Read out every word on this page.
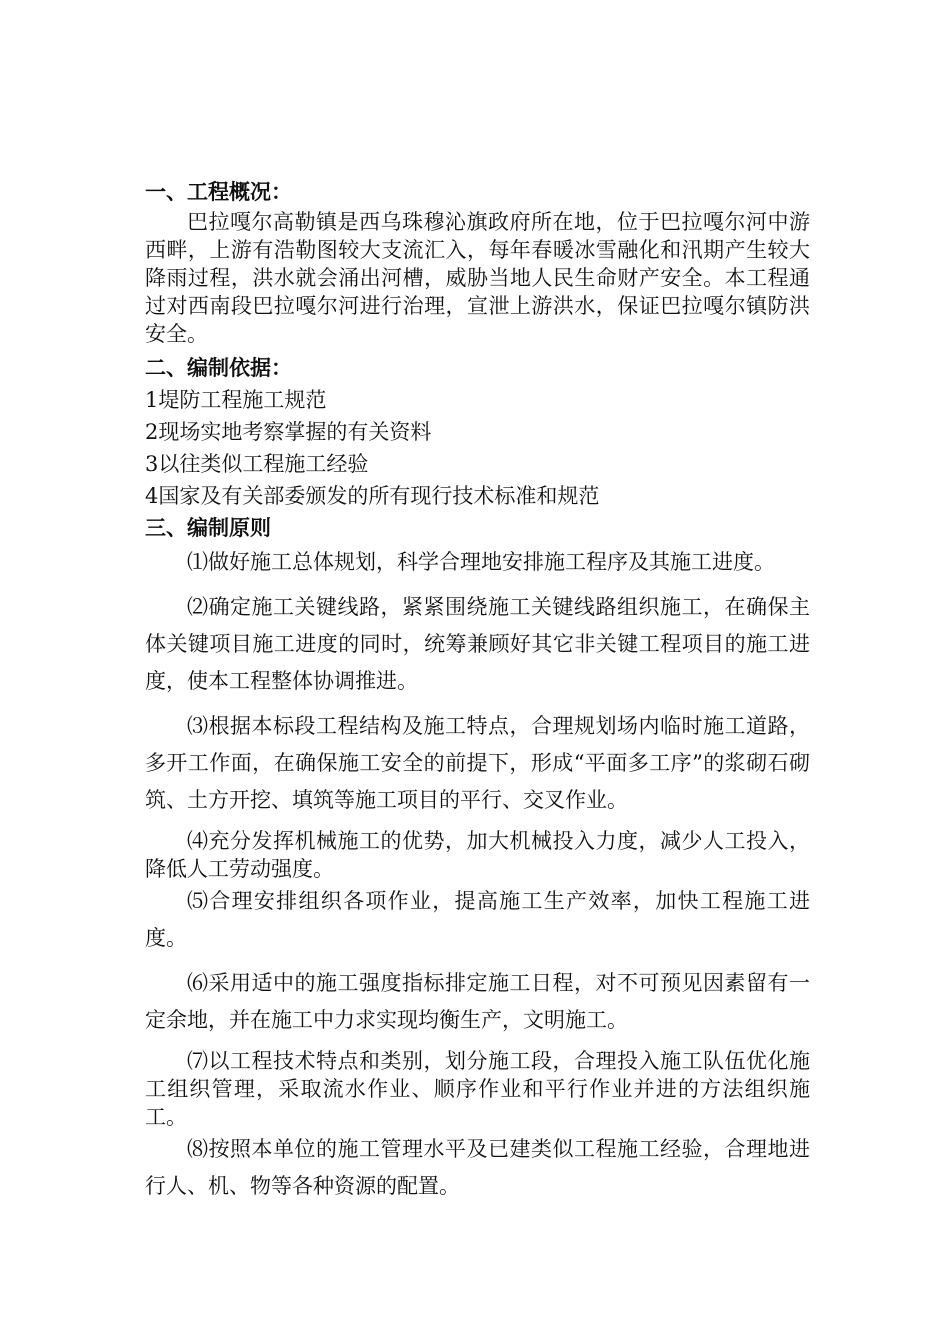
一、工程概况：
巴拉嘎尔高勒镇是西乌珠穆沁旗政府所在地，位于巴拉嘎尔河中游西畔，上游有浩勒图较大支流汇入，每年春暖冰雪融化和汛期产生较大降雨过程，洪水就会涌出河槽，威胁当地人民生命财产安全。本工程通过对西南段巴拉嘎尔河进行治理，宣泄上游洪水，保证巴拉嘎尔镇防洪安全。
二、编制依据：
1堤防工程施工规范
2现场实地考察掌握的有关资料
3以往类似工程施工经验
4国家及有关部委颁发的所有现行技术标准和规范
三、编制原则
⑴做好施工总体规划，科学合理地安排施工程序及其施工进度。
⑵确定施工关键线路，紧紧围绕施工关键线路组织施工，在确保主体关键项目施工进度的同时，统筹兼顾好其它非关键工程项目的施工进度，使本工程整体协调推进。
⑶根据本标段工程结构及施工特点，合理规划场内临时施工道路，多开工作面，在确保施工安全的前提下，形成“平面多工序”的浆砌石砌筑、土方开挖、填筑等施工项目的平行、交叉作业。
⑷充分发挥机械施工的优势，加大机械投入力度，减少人工投入，降低人工劳动强度。
⑸合理安排组织各项作业，提高施工生产效率，加快工程施工进度。
⑹采用适中的施工强度指标排定施工日程，对不可预见因素留有一定余地，并在施工中力求实现均衡生产，文明施工。
⑺以工程技术特点和类别，划分施工段，合理投入施工队伍优化施工组织管理，采取流水作业、顺序作业和平行作业并进的方法组织施工。
⑻按照本单位的施工管理水平及已建类似工程施工经验，合理地进行人、机、物等各种资源的配置。
